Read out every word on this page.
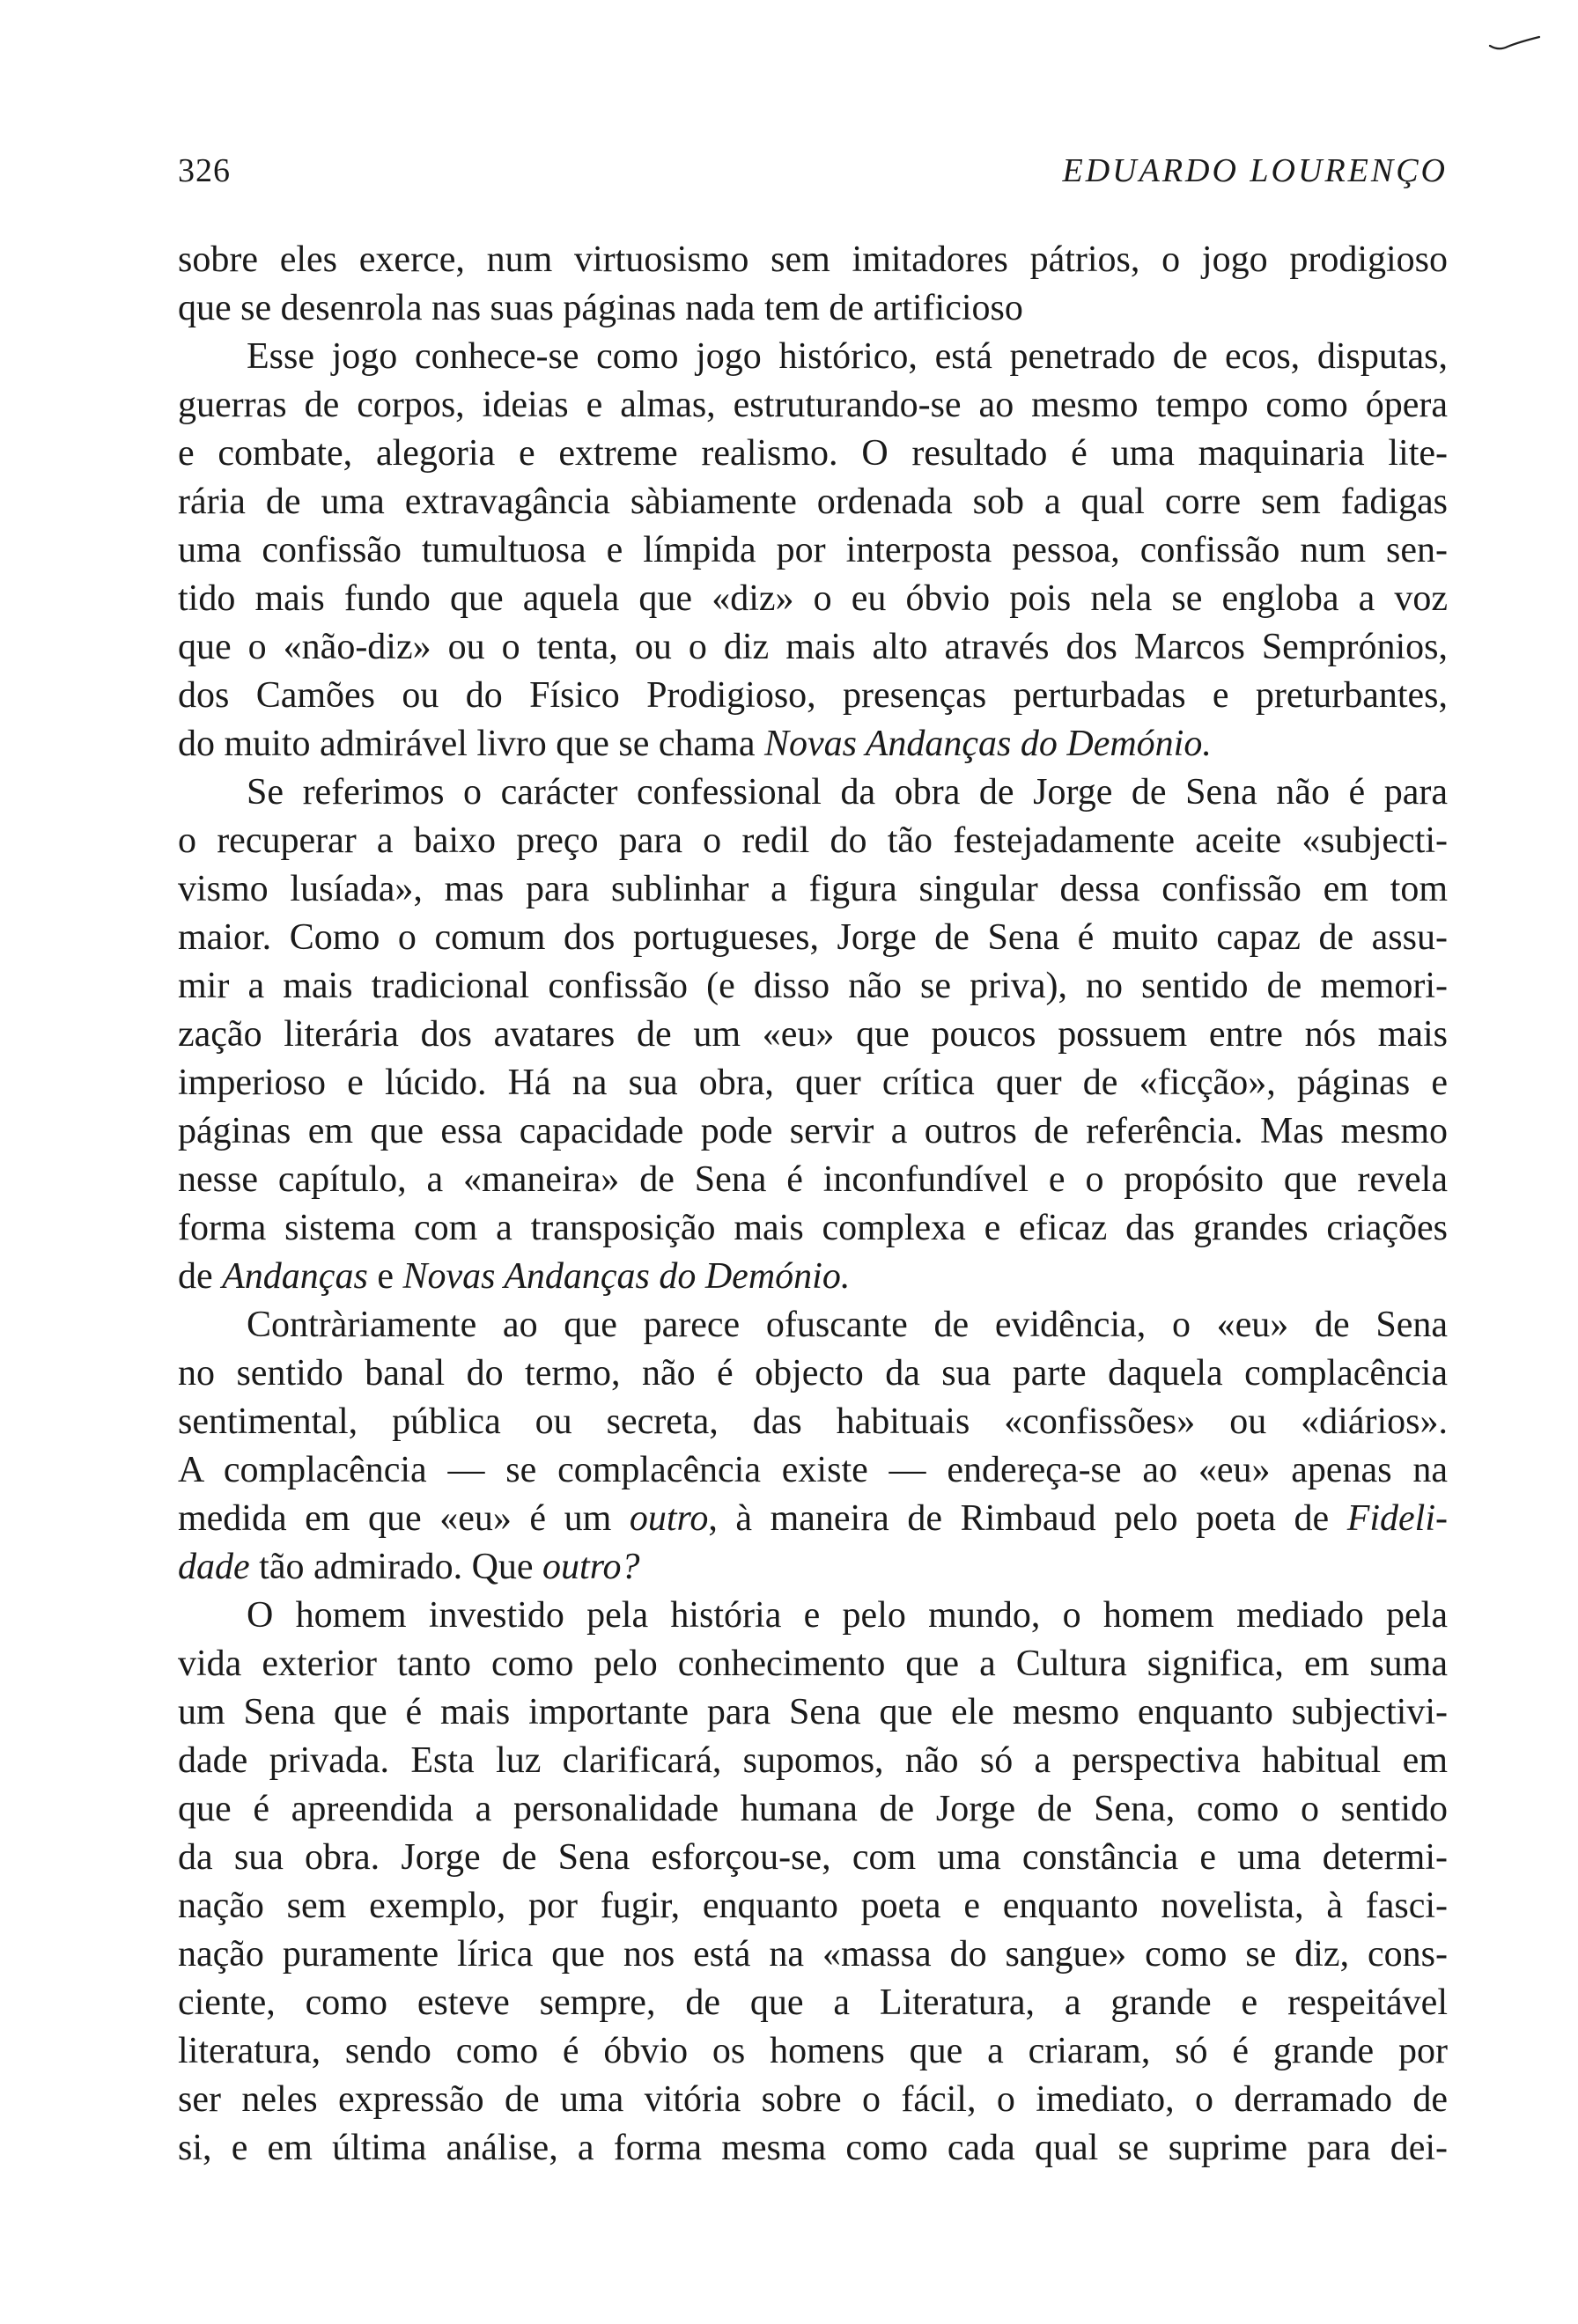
326	EDUARDO LOURENÇO
sobre eles exerce, num virtuosismo sem imitadores pátrios, o jogo prodigioso
que se desenrola nas suas páginas nada tem de artificioso
Esse jogo conhece-se como jogo histórico, está penetrado de ecos, disputas,
guerras de corpos, ideias e almas, estruturando-se ao mesmo tempo como ópera
e combate, alegoria e extreme realismo. O resultado é uma maquinaria lite-
rária de uma extravagância sàbiamente ordenada sob a qual corre sem fadigas
uma confissão tumultuosa e límpida por interposta pessoa, confissão num sen-
tido mais fundo que aquela que «diz» o eu óbvio pois nela se engloba a voz
que o «não-diz» ou o tenta, ou o diz mais alto através dos Marcos Semprónios,
dos Camões ou do Físico Prodigioso, presenças perturbadas e preturbantes,
do muito admirável livro que se chama Novas Andanças do Demónio.
Se referimos o carácter confessional da obra de Jorge de Sena não é para
o recuperar a baixo preço para o redil do tão festejadamente aceite «subjecti-
vismo lusíada», mas para sublinhar a figura singular dessa confissão em tom
maior. Como o comum dos portugueses, Jorge de Sena é muito capaz de assu-
mir a mais tradicional confissão (e disso não se priva), no sentido de memori-
zação literária dos avatares de um «eu» que poucos possuem entre nós mais
imperioso e lúcido. Há na sua obra, quer crítica quer de «ficção», páginas e
páginas em que essa capacidade pode servir a outros de referência. Mas mesmo
nesse capítulo, a «maneira» de Sena é inconfundível e o propósito que revela
forma sistema com a transposição mais complexa e eficaz das grandes criações
de Andanças e Novas Andanças do Demónio.
Contràriamente ao que parece ofuscante de evidência, o «eu» de Sena
no sentido banal do termo, não é objecto da sua parte daquela complacência
sentimental, pública ou secreta, das habituais «confissões» ou «diários».
A complacência — se complacência existe — endereça-se ao «eu» apenas na
medida em que «eu» é um outro, à maneira de Rimbaud pelo poeta de Fideli-
dade tão admirado. Que outro?
O homem investido pela história e pelo mundo, o homem mediado pela
vida exterior tanto como pelo conhecimento que a Cultura significa, em suma
um Sena que é mais importante para Sena que ele mesmo enquanto subjectivi-
dade privada. Esta luz clarificará, supomos, não só a perspectiva habitual em
que é apreendida a personalidade humana de Jorge de Sena, como o sentido
da sua obra. Jorge de Sena esforçou-se, com uma constância e uma determi-
nação sem exemplo, por fugir, enquanto poeta e enquanto novelista, à fasci-
nação puramente lírica que nos está na «massa do sangue» como se diz, cons-
ciente, como esteve sempre, de que a Literatura, a grande e respeitável
literatura, sendo como é óbvio os homens que a criaram, só é grande por
ser neles expressão de uma vitória sobre o fácil, o imediato, o derramado de
si, e em última análise, a forma mesma como cada qual se suprime para dei-
